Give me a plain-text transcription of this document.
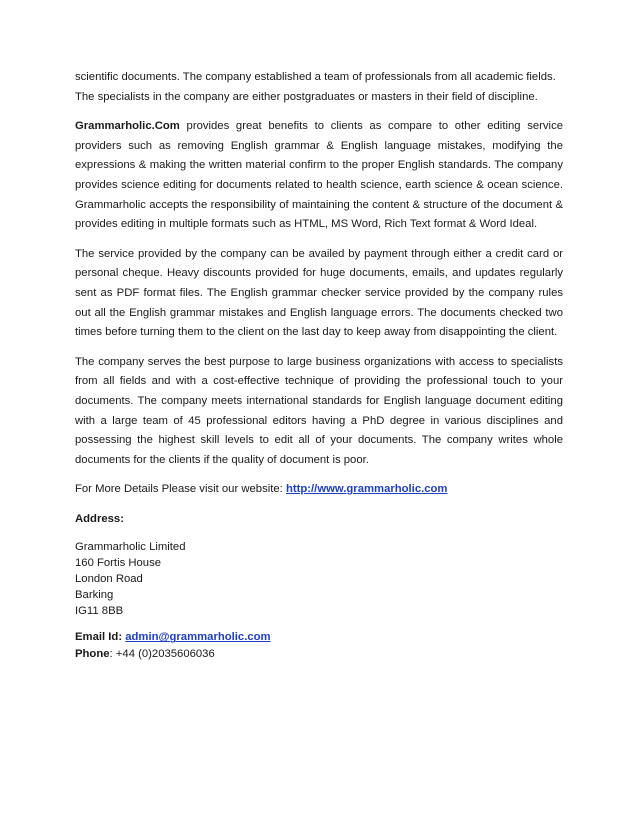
scientific documents. The company established a team of professionals from all academic fields. The specialists in the company are either postgraduates or masters in their field of discipline.

Grammarholic.Com provides great benefits to clients as compare to other editing service providers such as removing English grammar & English language mistakes, modifying the expressions & making the written material confirm to the proper English standards. The company provides science editing for documents related to health science, earth science & ocean science. Grammarholic accepts the responsibility of maintaining the content & structure of the document & provides editing in multiple formats such as HTML, MS Word, Rich Text format & Word Ideal.

The service provided by the company can be availed by payment through either a credit card or personal cheque. Heavy discounts provided for huge documents, emails, and updates regularly sent as PDF format files. The English grammar checker service provided by the company rules out all the English grammar mistakes and English language errors. The documents checked two times before turning them to the client on the last day to keep away from disappointing the client.

The company serves the best purpose to large business organizations with access to specialists from all fields and with a cost-effective technique of providing the professional touch to your documents. The company meets international standards for English language document editing with a large team of 45 professional editors having a PhD degree in various disciplines and possessing the highest skill levels to edit all of your documents. The company writes whole documents for the clients if the quality of document is poor.

For More Details Please visit our website: http://www.grammarholic.com

Address:

Grammarholic Limited
160 Fortis House
London Road
Barking
IG11 8BB

Email Id: admin@grammarholic.com

Phone: +44 (0)2035606036
